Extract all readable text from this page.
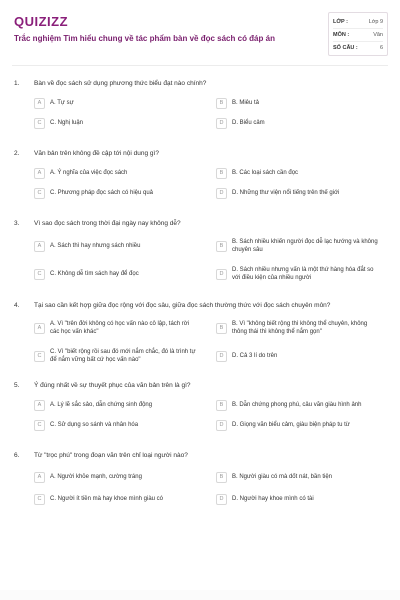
QUIZIZZ
Trắc nghiệm Tìm hiểu chung về tác phẩm bàn về đọc sách có đáp án
LỚP :	Lớp 9
MÔN :	Văn
SỐ CÂU :	6
1.	Bàn về đọc sách sử dụng phương thức biểu đạt nào chính?
A	A. Tự sự	B	B. Miêu tả
C	C. Nghị luận	D	D. Biểu cảm
2.	Văn bản trên không đề cập tới nội dung gì?
A	A. Ý nghĩa của việc đọc sách	B	B. Các loại sách cần đọc
C	C. Phương pháp đọc sách có hiệu quả	D	D. Những thư viện nổi tiếng trên thế giới
3.	Vì sao đọc sách trong thời đại ngày nay không dễ?
A	A. Sách thì hay nhưng sách nhiều	B
B. Sách nhiều khiến người đọc dễ lạc hướng và không chuyên sâu
C	C. Không dễ tìm sách hay để đọc	D
D. Sách nhiều nhưng vấn là một thứ hàng hóa đắt so với điều kiện của nhiều người
4.	Tại sao cần kết hợp giữa đọc rộng với đọc sâu, giữa đọc sách thường thức với đọc sách chuyên môn?
A
A. Vì "trên đời không có học vấn nào cô lập, tách rời các học vấn khác"
B
B. Vì "không biết rộng thì không thể chuyên, không thông thái thì không thể nắm gọn"
C
C. Vì "biết rộng rồi sau đó mới nắm chắc, đó là trình tự để nắm vững bất cứ học vấn nào"
D	D. Cả 3 lí do trên
5.	Ý đúng nhất về sự thuyết phục của văn bản trên là gì?
A	A. Lý lẽ sắc sảo, dẫn chứng sinh động	B	B. Dẫn chứng phong phú, câu văn giàu hình ảnh
C	C. Sử dụng so sánh và nhân hóa	D	D. Giọng văn biểu cảm, giàu biện pháp tu từ
6.	Từ "trọc phú" trong đoạn văn trên chỉ loại người nào?
A	A. Người khỏe mạnh, cường tráng	B	B. Người giàu có mà dốt nát, bần tiện
C	C. Người ít tiền mà hay khoe mình giàu có	D	D. Người hay khoe mình có tài
